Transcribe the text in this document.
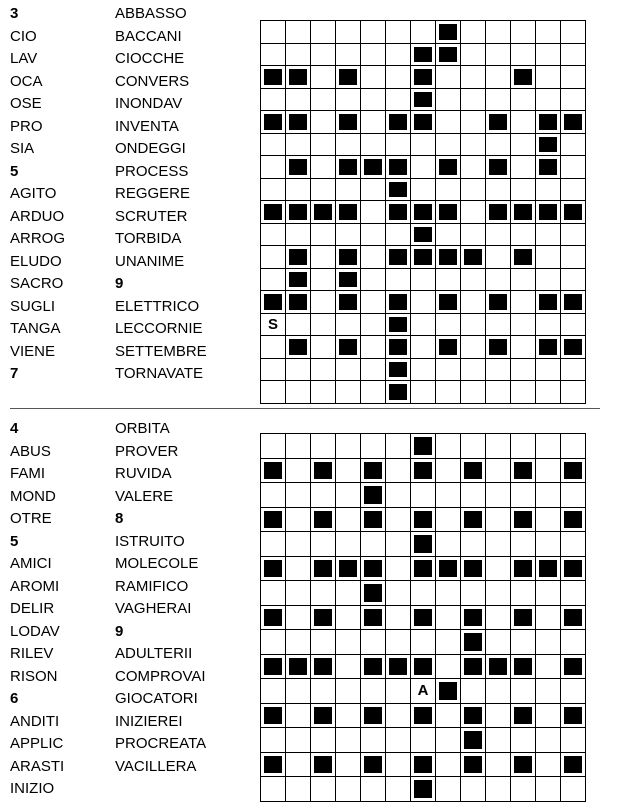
3
CIO
LAV
OCA
OSE
PRO
SIA
5
AGITO
ARDUO
ARROG
ELUDO
SACRO
SUGLI
TANGA
VIENE
7
ABBASSO
BACCANI
CIOCCHE
CONVERS
INONDAV
INVENTA
ONDEGGI
PROCESS
REGGERE
SCRUTER
TORBIDA
UNANIME
9
ELETTRICO
LECCORNIE
SETTEMBRE
TORNAVATE
S
4
ABUS
FAMI
MOND
OTRE
5
AMICI
AROMI
DELIR
LODAV
RILEV
RISON
6
ANDITI
APPLIC
ARASTI
INIZIO
ORBITA
PROVER
RUVIDA
VALERE
8
ISTRUITO
MOLECOLE
RAMIFICO
VAGHERAI
9
ADULTERII
COMPROVAI
GIOCATORI
INIZIEREI
PROCREATA
VACILLERA
A
